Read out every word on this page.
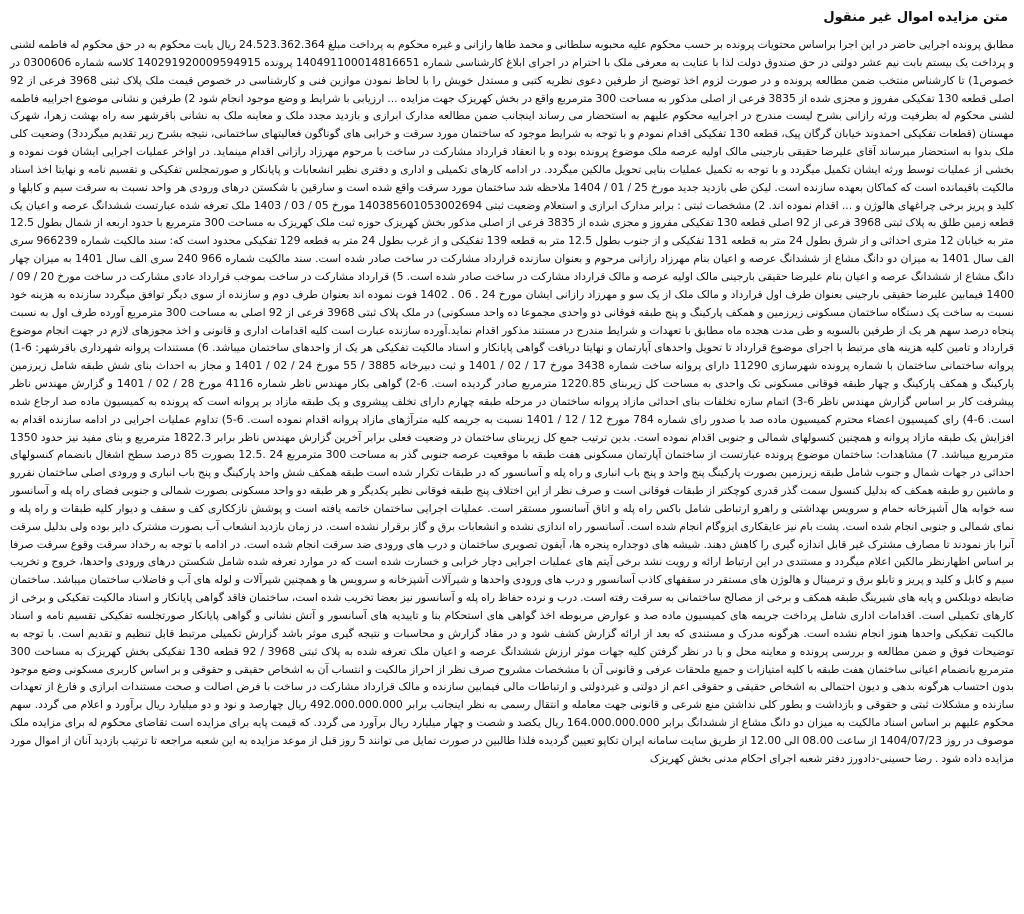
متن مزایده اموال غیر منقول

مطابق پرونده اجرایی حاضر در این اجرا براساس محتویات پرونده بر حسب محکوم علیه محبوبه سلطانی و محمد طاها رازانی و غیره محکوم به پرداخت مبلغ 24.523.362.364 ریال بابت محکوم به در حق محکوم له فاطمه لشنی و پرداخت یک بیستم بابت نیم عشر دولتی در حق صندوق دولت لذا با عنایت به معرفی ملک با احترام در اجرای ابلاغ کارشناسی شماره 140491100014816651 پرونده 140291920009594915 کلاسه شماره 0300606 در خصوص1) تا کارشناس منتخب ضمن مطالعه پرونده و در صورت لزوم اخذ توضیح از طرفین دعوی نظریه کتبی و مستدل خویش را با لحاظ نمودن موازین فنی و کارشناسی در خصوص قیمت ملک پلاک ثبتی 3968 فرعی از 92 اصلی قطعه 130 تفکیکی مفروز و مجزی شده از 3835 فرعی از اصلی مذکور به مساحت 300 مترمربع واقع در بخش کهریزک جهت مزایده ... ارزیابی با شرایط و وضع موجود انجام شود 2) طرفین و نشانی موضوع اجراییه فاطمه لشنی محکوم له بطرفیت ورثه رازانی بشرح لیست مندرج در اجراییه محکوم علیهم به استحضار می رساند اینجانب ضمن مطالعه مدارک ابرازی و بازدید مجدد ملک و معاینه ملک به نشانی باقرشهر سه راه بهشت زهرا، شهرک مهستان (قطعات تفکیکی احمدوند خیابان گرگان پیک، قطعه 130 تفکیکی اقدام نمودم و با توجه به شرایط موجود که ساختمان مورد سرقت و خرابی های گوناگون فعالیتهای ساختمانی، نتیجه بشرح زیر تقدیم میگردد3) وضعیت کلی ملک بدوا به استحضار میرساند آقای علیرضا حقیقی بارجینی مالک اولیه عرصه ملک موضوع پرونده بوده و با انعقاد قرارداد مشارکت در ساخت با مرحوم مهرزاد رازانی اقدام مینماید. در اواخر عملیات اجرایی ایشان فوت نموده و بخشی از عملیات توسط ورثه ایشان تکمیل میگردد و با توجه به تکمیل عملیات بنایی تحویل مالکین میگردد. در ادامه کارهای تکمیلی و اداری و دفتری نظیر انشعابات و پایانکار و صورتمجلس تفکیکی و تقسیم نامه و نهایتا اخذ اسناد مالکیت باقیمانده است که کماکان بعهده سازنده است. لیکن طی بازدید جدید مورخ 25 / 01 / 1404 ملاحظه شد ساختمان مورد سرقت واقع شده است و سارقین با شکستن درهای ورودی هر واحد نسبت به سرقت سیم و کابلها و کلید و پریز برخی چراغهای هالوژن و ... اقدام نموده اند. 2) مشخصات ثبتی : برابر مدارک ابرازی و استعلام وضعیت ثبتی 140385601053002694 مورخ 05 / 03 / 1403 ملک تعرفه شده عبارتست ششدانگ عرصه و اعیان یک قطعه زمین طلق به پلاک ثبتی 3968 فرعی از 92 اصلی قطعه 130 تفکیکی مفروز و مجزی شده از 3835 فرعی از اصلی مذکور بخش کهریزک حوزه ثبت ملک کهریزک به مساحت 300 مترمربع با حدود اربعه از شمال بطول 12.5 متر به خیابان 12 متری احداثی و از شرق بطول 24 متر به قطعه 131 تفکیکی و از جنوب بطول 12.5 متر به قطعه 139 تفکیکی و از غرب بطول 24 متر به قطعه 129 تفکیکی محدود است که: سند مالکیت شماره 966239 سری الف سال 1401 به میزان دو دانگ مشاع از ششدانگ عرصه و اعیان بنام مهرزاد رازانی مرحوم و بعنوان سازنده قرارداد مشارکت در ساخت صادر شده است. سند مالکیت شماره 966 240 سری الف سال 1401 به میزان چهار دانگ مشاع از ششدانگ عرصه و اعیان بنام علیرضا حقیقی بارجینی مالک اولیه عرصه و مالک قرارداد مشارکت در ساخت صادر شده است. 5) قرارداد مشارکت در ساخت بموجب قرارداد عادی مشارکت در ساخت مورخ 20 / 09 / 1400 فیمابین علیرضا حقیقی بارجینی بعنوان طرف اول قرارداد و مالک ملک از یک سو و مهرزاد رازانی ایشان مورخ 24 . 06 . 1402 فوت نموده اند بعنوان طرف دوم و سازنده از سوی دیگر توافق میگردد سازنده به هزینه خود نسبت به ساخت یک دستگاه ساختمان مسکونی زیرزمین و همکف پارکینگ و پنج طبقه فوقانی دو واحدی مجموعا ده واحد مسکونی) در ملک پلاک ثبتی 3968 فرعی از 92 اصلی به مساحت 300 مترمربع آورده طرف اول به نسبت پنجاه درصد سهم هر یک از طرفین بالسویه و طی مدت هجده ماه مطابق با تعهدات و شرایط مندرج در مستند مذکور اقدام نماید.آورده سازنده عبارت است کلیه اقدامات اداری و قانونی و اخذ مجوزهای لازم در جهت انجام موضوع قرارداد و تامین کلیه هزینه های مرتبط با اجرای موضوع قرارداد تا تحویل واحدهای آپارتمان و نهایتا دریافت گواهی پایانکار و اسناد مالکیت تفکیکی هر یک از واحدهای ساختمان میباشد. 6) مستندات پروانه شهرداری باقرشهر: 6-1) پروانه ساختمانی ساختمان با شماره پرونده شهرسازی 11290 دارای پروانه ساخت شماره 3438 مورخ 17 / 02 / 1401 و ثبت دبیرخانه 3885 / 55 مورخ 24 / 02 / 1401 و مجاز به احداث بنای شش طبقه شامل زیرزمین پارکینگ و همکف پارکینگ و چهار طبقه فوقانی مسکونی تک واحدی به مساحت کل زیربنای 1220.85 مترمربع صادر گردیده است. 6-2) گواهی بکار مهندس ناظر شماره 4116 مورخ 28 / 02 / 1401 و گزارش مهندس ناظر پیشرفت کار بر اساس گزارش مهندس ناظر 6-3) اتمام سازه تخلفات بنای احداثی مازاد پروانه ساختمان در مرحله طبقه چهارم دارای تخلف پیشروی و یک طبقه مازاد بر پروانه است که پرونده به کمیسیون ماده صد ارجاع شده است. 6-4) رای کمیسیون اعضاء محترم کمیسیون ماده صد با صدور رای شماره 784 مورخ 12 / 12 / 1401 نسبت به جریمه کلیه مترآژهای مازاد پروانه اقدام نموده است. 6-5) تداوم عملیات اجرایی در ادامه سازنده اقدام به افزایش یک طبقه مازاد پروانه و همچنین کنسولهای شمالی و جنوبی اقدام نموده است. بدین ترتیب جمع کل زیربنای ساختمان در وضعیت فعلی برابر آخرین گزارش مهندس ناظر برابر 1822.3 مترمربع و بنای مفید نیز حدود 1350 مترمربع میباشد. 7) مشاهدات: ساختمان موضوع پرونده عبارتست از ساختمان آپارتمان مسکونی هفت طبقه با موقعیت عرصه جنوبی گذر به مساحت 300 مترمربع 24 .12.5 بصورت 85 درصد سطح اشغال بانضمام کنسولهای احداثی در جهات شمال و جنوب شامل طبقه زیرزمین بصورت پارکینگ پنج واحد و پنج باب انباری و راه پله و آسانسور که در طبقات تکرار شده است طبقه همکف شش واحد پارکینگ و پنج باب انباری و ورودی اصلی ساختمان نفررو و ماشین رو طبقه همکف که بدلیل کنسول سمت گذر قدری کوچکتر از طبقات فوقانی است و صرف نظر از این اختلاف پنج طبقه فوقانی نظیر یکدیگر و هر طبقه دو واحد مسکونی بصورت شمالی و جنوبی فضای راه پله و آسانسور سه خوابه هال آشپزخانه حمام و سرویس بهداشتی و راهرو ارتباطی شامل باکس راه پله و اتاق آسانسور مستقر است. عملیات اجرایی ساختمان خاتمه یافته است و پوشش نازککاری کف و سقف و دیوار کلیه طبقات و راه پله و نمای شمالی و جنوبی انجام شده است. پشت بام نیز عایقکاری ایزوگام انجام شده است. آسانسور راه اندازی نشده و انشعابات برق و گاز برقرار نشده است. در زمان بازدید انشعاب آب بصورت مشترک دایر بوده ولی بدلیل سرقت آنرا باز نمودند تا مصارف مشترک غیر قابل اندازه گیری را کاهش دهند. شیشه های دوجداره پنجره ها، آیفون تصویری ساختمان و درب های ورودی ضد سرقت انجام شده است. در ادامه با توجه به رخداد سرقت وقوع سرقت صرفا بر اساس اظهارنظر مالکین اعلام میگردد و مستندی در این ارتباط ارائه و رویت نشد برخی آیتم های عملیات اجرایی دچار خرابی و خسارت شده است که در موارد تعرفه شده شامل شکستن درهای ورودی واحدها، خروج و تخریب سیم و کابل و کلید و پریز و تابلو برق و ترمینال و هالوژن های مستقر در سقفهای کاذب آسانسور و درب های ورودی واحدها و شیرآلات آشپزخانه و سرویس ها و همچنین شیرآلات و لوله های آب و فاضلاب ساختمان میباشد. ساختمان ضابطه دوبلکس و پایه های شیرینگ طبقه همکف و برخی از مصالح ساختمانی به سرقت رفته است. درب و نرده حفاظ راه پله و آسانسور نیز بعضا تخریب شده است، ساختمان فاقد گواهی پایانکار و اسناد مالکیت تفکیکی و برخی از کارهای تکمیلی است. اقدامات اداری شامل پرداخت جریمه های کمیسیون ماده صد و عوارض مربوطه اخذ گواهی های استحکام بنا و تاییدیه های آسانسور و آتش نشانی و گواهی پایانکار صورتجلسه تفکیکی تقسیم نامه و اسناد مالکیت تفکیکی واحدها هنوز انجام نشده است. هرگونه مدرک و مستندی که بعد از ارائه گزارش کشف شود و در مقاد گزارش و محاسبات و نتیجه گیری موثر باشد گزارش تکمیلی مرتبط قابل تنظیم و تقدیم است. با توجه به توضیحات فوق و ضمن مطالعه و بررسی پرونده و معاینه محل و با در نظر گرفتن کلیه جهات موثر ارزش ششدانگ عرصه و اعیان ملک تعرفه شده به پلاک ثبتی 3968 / 92 قطعه 130 تفکیکی بخش کهریزک به مساحت 300 مترمربع بانضمام اعیانی ساختمان هفت طبقه با کلیه امتیازات و جمیع ملحقات عرفی و قانونی آن با مشخصات مشروح صرف نظر از احراز مالکیت و انتساب آن به اشخاص حقیقی و حقوقی و بر اساس کاربری مسکونی وضع موجود بدون احتساب هرگونه بدهی و دیون احتمالی به اشخاص حقیقی و حقوقی اعم از دولتی و غیردولتی و ارتباطات مالی فیمابین سازنده و مالک قرارداد مشارکت در ساخت با فرض اصالت و صحت مستندات ابرازی و فارغ از تعهدات سازنده و مشکلات ثبتی و حقوقی و بازداشت و بطور کلی نداشتن منع شرعی و قانونی جهت معامله و انتقال رسمی به نظر اینجانب برابر 492.000.000.000 ریال چهارصد و نود و دو میلیارد ریال برآورد و اعلام می گردد. سهم محکوم علیهم بر اساس اسناد مالکیت به میزان دو دانگ مشاع از ششدانگ برابر 164.000.000.000 ریال یکصد و شصت و چهار میلیارد ریال برآورد می گردد. که قیمت پایه برای مزایده است تقاضای محکوم له برای مزایده ملک موصوف در روز 1404/07/23 از ساعت 08.00 الی 12.00 از طریق سایت سامانه ایران تکاپو تعیین گردیده فلذا طالبین در صورت تمایل می توانند 5 روز قبل از موعد مزایده به این شعبه مراجعه تا ترتیب بازدید آنان از اموال مورد مزایده داده شود . رضا حسینی-دادورز دفتر شعبه اجرای احکام مدنی بخش کهریزک
